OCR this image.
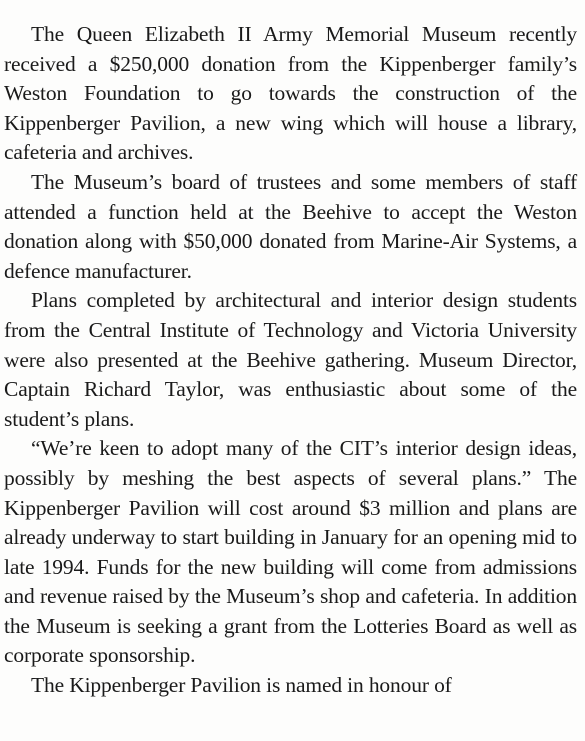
The Queen Elizabeth II Army Memorial Museum recently received a $250,000 donation from the Kippenberger family’s Weston Foundation to go towards the construction of the Kippenberger Pavilion, a new wing which will house a library, cafeteria and archives.

The Museum’s board of trustees and some members of staff attended a function held at the Beehive to accept the Weston donation along with $50,000 donated from Marine-Air Systems, a defence manufacturer.

Plans completed by architectural and interior design students from the Central Institute of Technology and Victoria University were also presented at the Beehive gathering. Museum Director, Captain Richard Taylor, was enthusiastic about some of the student’s plans.

“We’re keen to adopt many of the CIT’s interior design ideas, possibly by meshing the best aspects of several plans.” The Kippenberger Pavilion will cost around $3 million and plans are already underway to start building in January for an opening mid to late 1994. Funds for the new building will come from admissions and revenue raised by the Museum’s shop and cafeteria. In addition the Museum is seeking a grant from the Lotteries Board as well as corporate sponsorship.

The Kippenberger Pavilion is named in honour of
